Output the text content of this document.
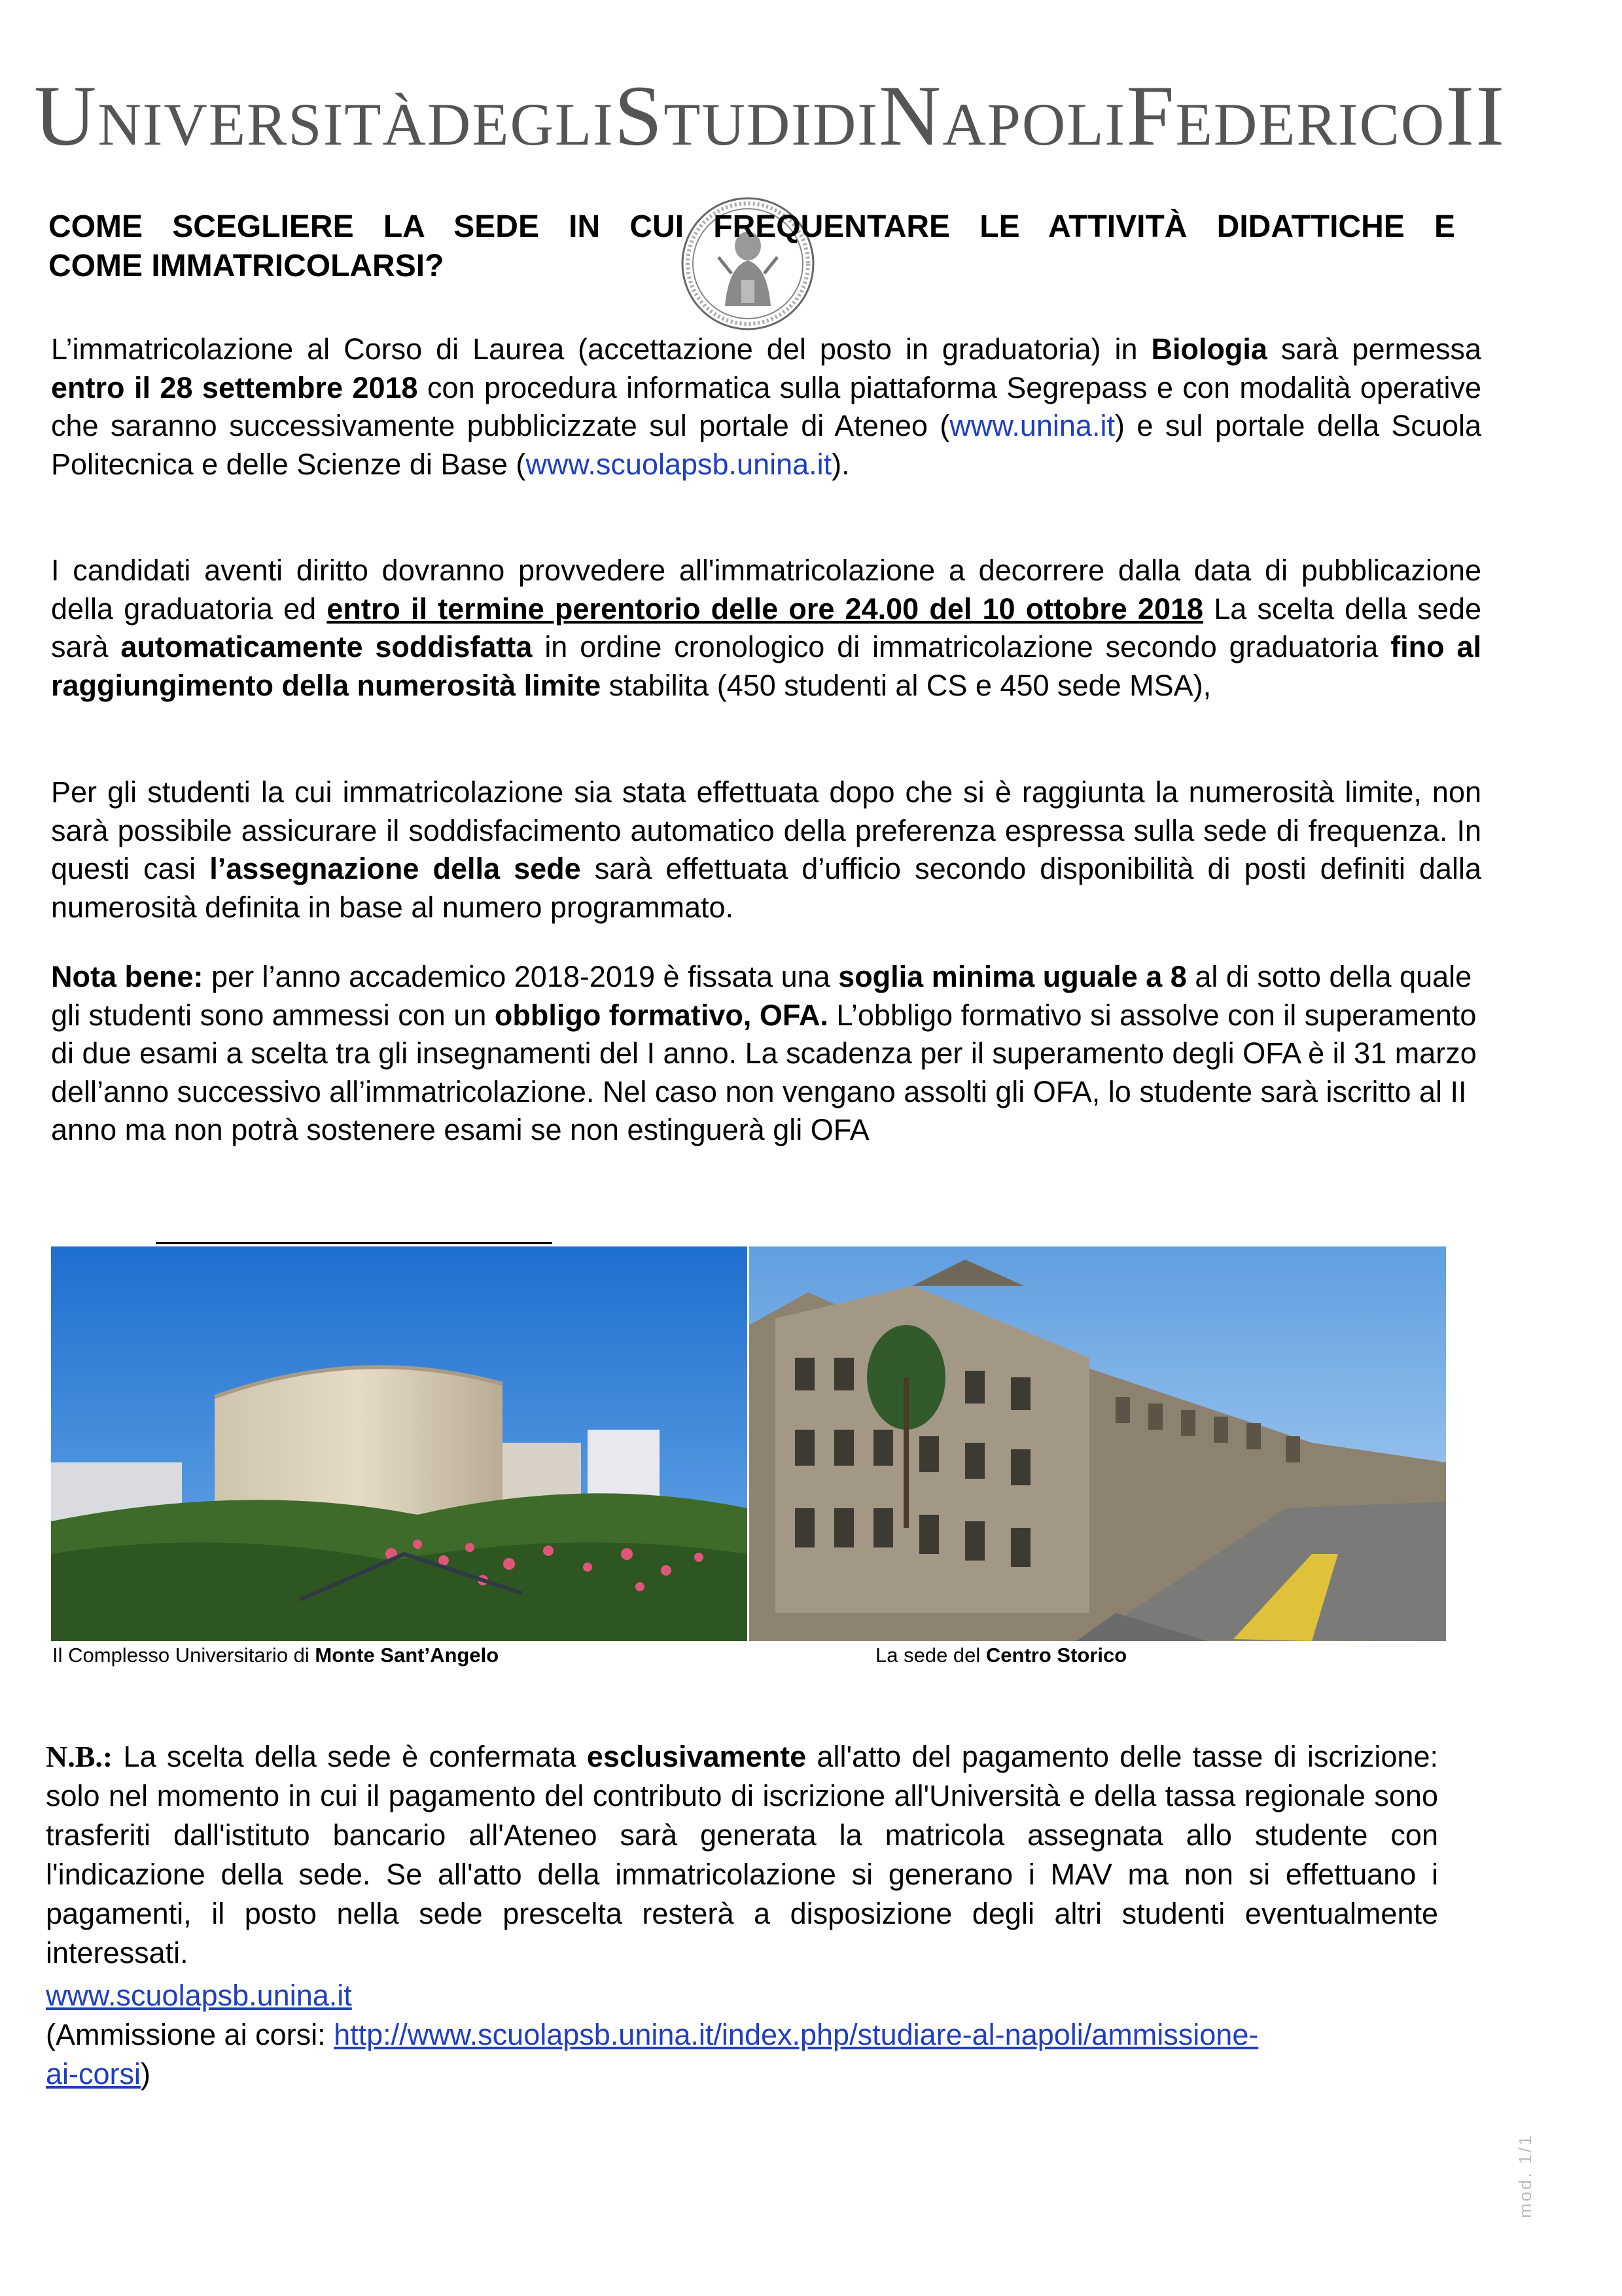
UNIVERSITÀ DEGLI STUDI DI NAPOLI FEDERICO II
COME SCEGLIERE LA SEDE IN CUI FREQUENTARE LE ATTIVITÀ DIDATTICHE E
COME IMMATRICOLARSI?
L’immatricolazione al Corso di Laurea (accettazione del posto in graduatoria) in Biologia sarà permessa entro il 28 settembre 2018 con procedura informatica sulla piattaforma Segrepass e con modalità operative che saranno successivamente pubblicizzate sul portale di Ateneo (www.unina.it) e sul portale della Scuola Politecnica e delle Scienze di Base (www.scuolapsb.unina.it).
I candidati aventi diritto dovranno provvedere all'immatricolazione a decorrere dalla data di pubblicazione della graduatoria ed entro il termine perentorio delle ore 24.00 del 10 ottobre 2018 La scelta della sede sarà automaticamente soddisfatta in ordine cronologico di immatricolazione secondo graduatoria fino al raggiungimento della numerosità limite stabilita (450 studenti al CS e 450 sede MSA),
Per gli studenti la cui immatricolazione sia stata effettuata dopo che si è raggiunta la numerosità limite, non sarà possibile assicurare il soddisfacimento automatico della preferenza espressa sulla sede di frequenza. In questi casi l’assegnazione della sede sarà effettuata d’ufficio secondo disponibilità di posti definiti dalla numerosità definita in base al numero programmato.
Nota bene: per l’anno accademico 2018-2019 è fissata una soglia minima uguale a 8 al di sotto della quale gli studenti sono ammessi con un obbligo formativo, OFA. L’obbligo formativo si assolve con il superamento di due esami a scelta tra gli insegnamenti del I anno. La scadenza per il superamento degli OFA è il 31 marzo dell’anno successivo all’immatricolazione. Nel caso non vengano assolti gli OFA, lo studente sarà iscritto al II anno ma non potrà sostenere esami se non estinguerà gli OFA
Il Complesso Universitario di Monte Sant’Angelo	La sede del Centro Storico
N.B.: La scelta della sede è confermata esclusivamente all'atto del pagamento delle tasse di iscrizione: solo nel momento in cui il pagamento del contributo di iscrizione all'Università e della tassa regionale sono trasferiti dall'istituto bancario all'Ateneo sarà generata la matricola assegnata allo studente con l'indicazione della sede. Se all'atto della immatricolazione si generano i MAV ma non si effettuano i pagamenti, il posto nella sede prescelta resterà a disposizione degli altri studenti eventualmente interessati.
www.scuolapsb.unina.it
(Ammissione ai corsi: http://www.scuolapsb.unina.it/index.php/studiare-al-napoli/ammissione-
ai-corsi)
mod. 1/1
